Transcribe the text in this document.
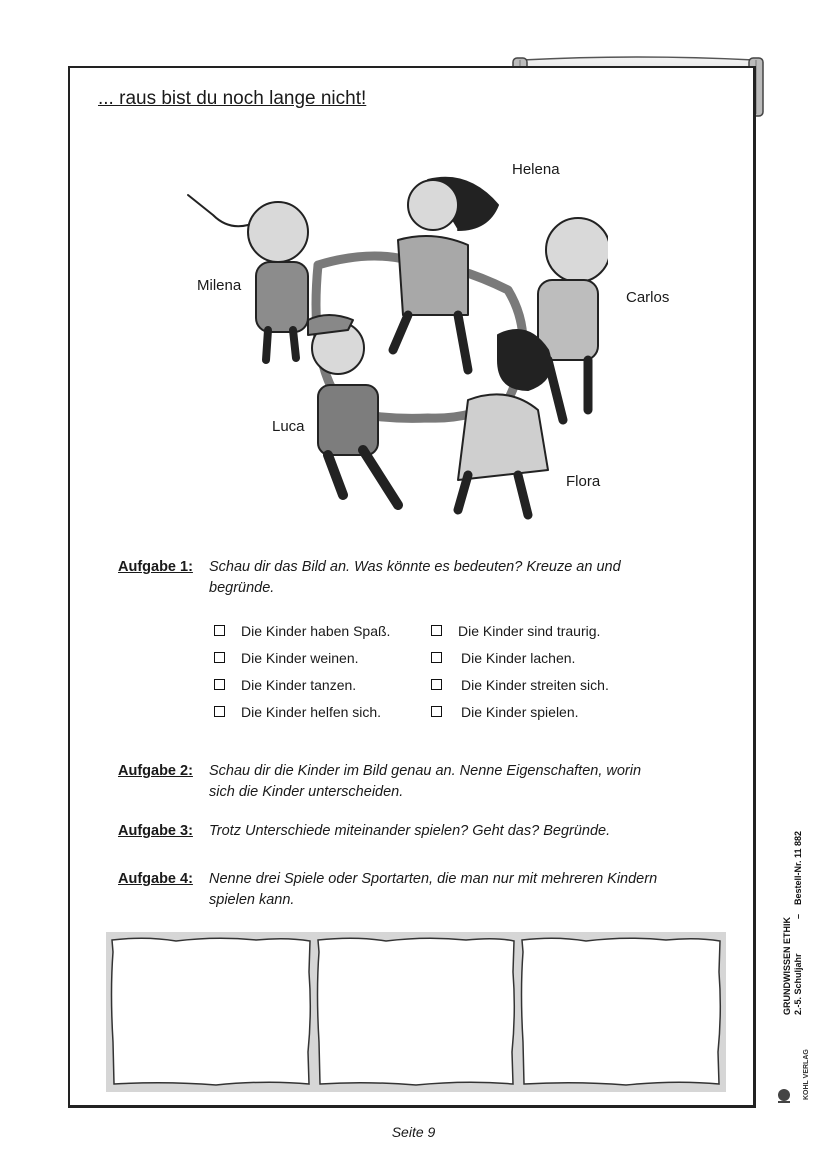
... raus bist du noch lange nicht!
Helena
Milena
Carlos
Luca
Flora
Aufgabe 1: Schau dir das Bild an. Was könnte es bedeuten? Kreuze an und begründe.
Die Kinder haben Spaß.
Die Kinder weinen.
Die Kinder tanzen.
Die Kinder helfen sich.
Die Kinder sind traurig.
Die Kinder lachen.
Die Kinder streiten sich.
Die Kinder spielen.
Aufgabe 2: Schau dir die Kinder im Bild genau an. Nenne Eigenschaften, worin sich die Kinder unterscheiden.
Aufgabe 3: Trotz Unterschiede miteinander spielen? Geht das? Begründe.
Aufgabe 4: Nenne drei Spiele oder Sportarten, die man nur mit mehreren Kindern spielen kann.
GRUNDWISSEN ETHIK 2.-5. Schuljahr
–
Bestell-Nr. 11 882
KOHL VERLAG
Seite 9
